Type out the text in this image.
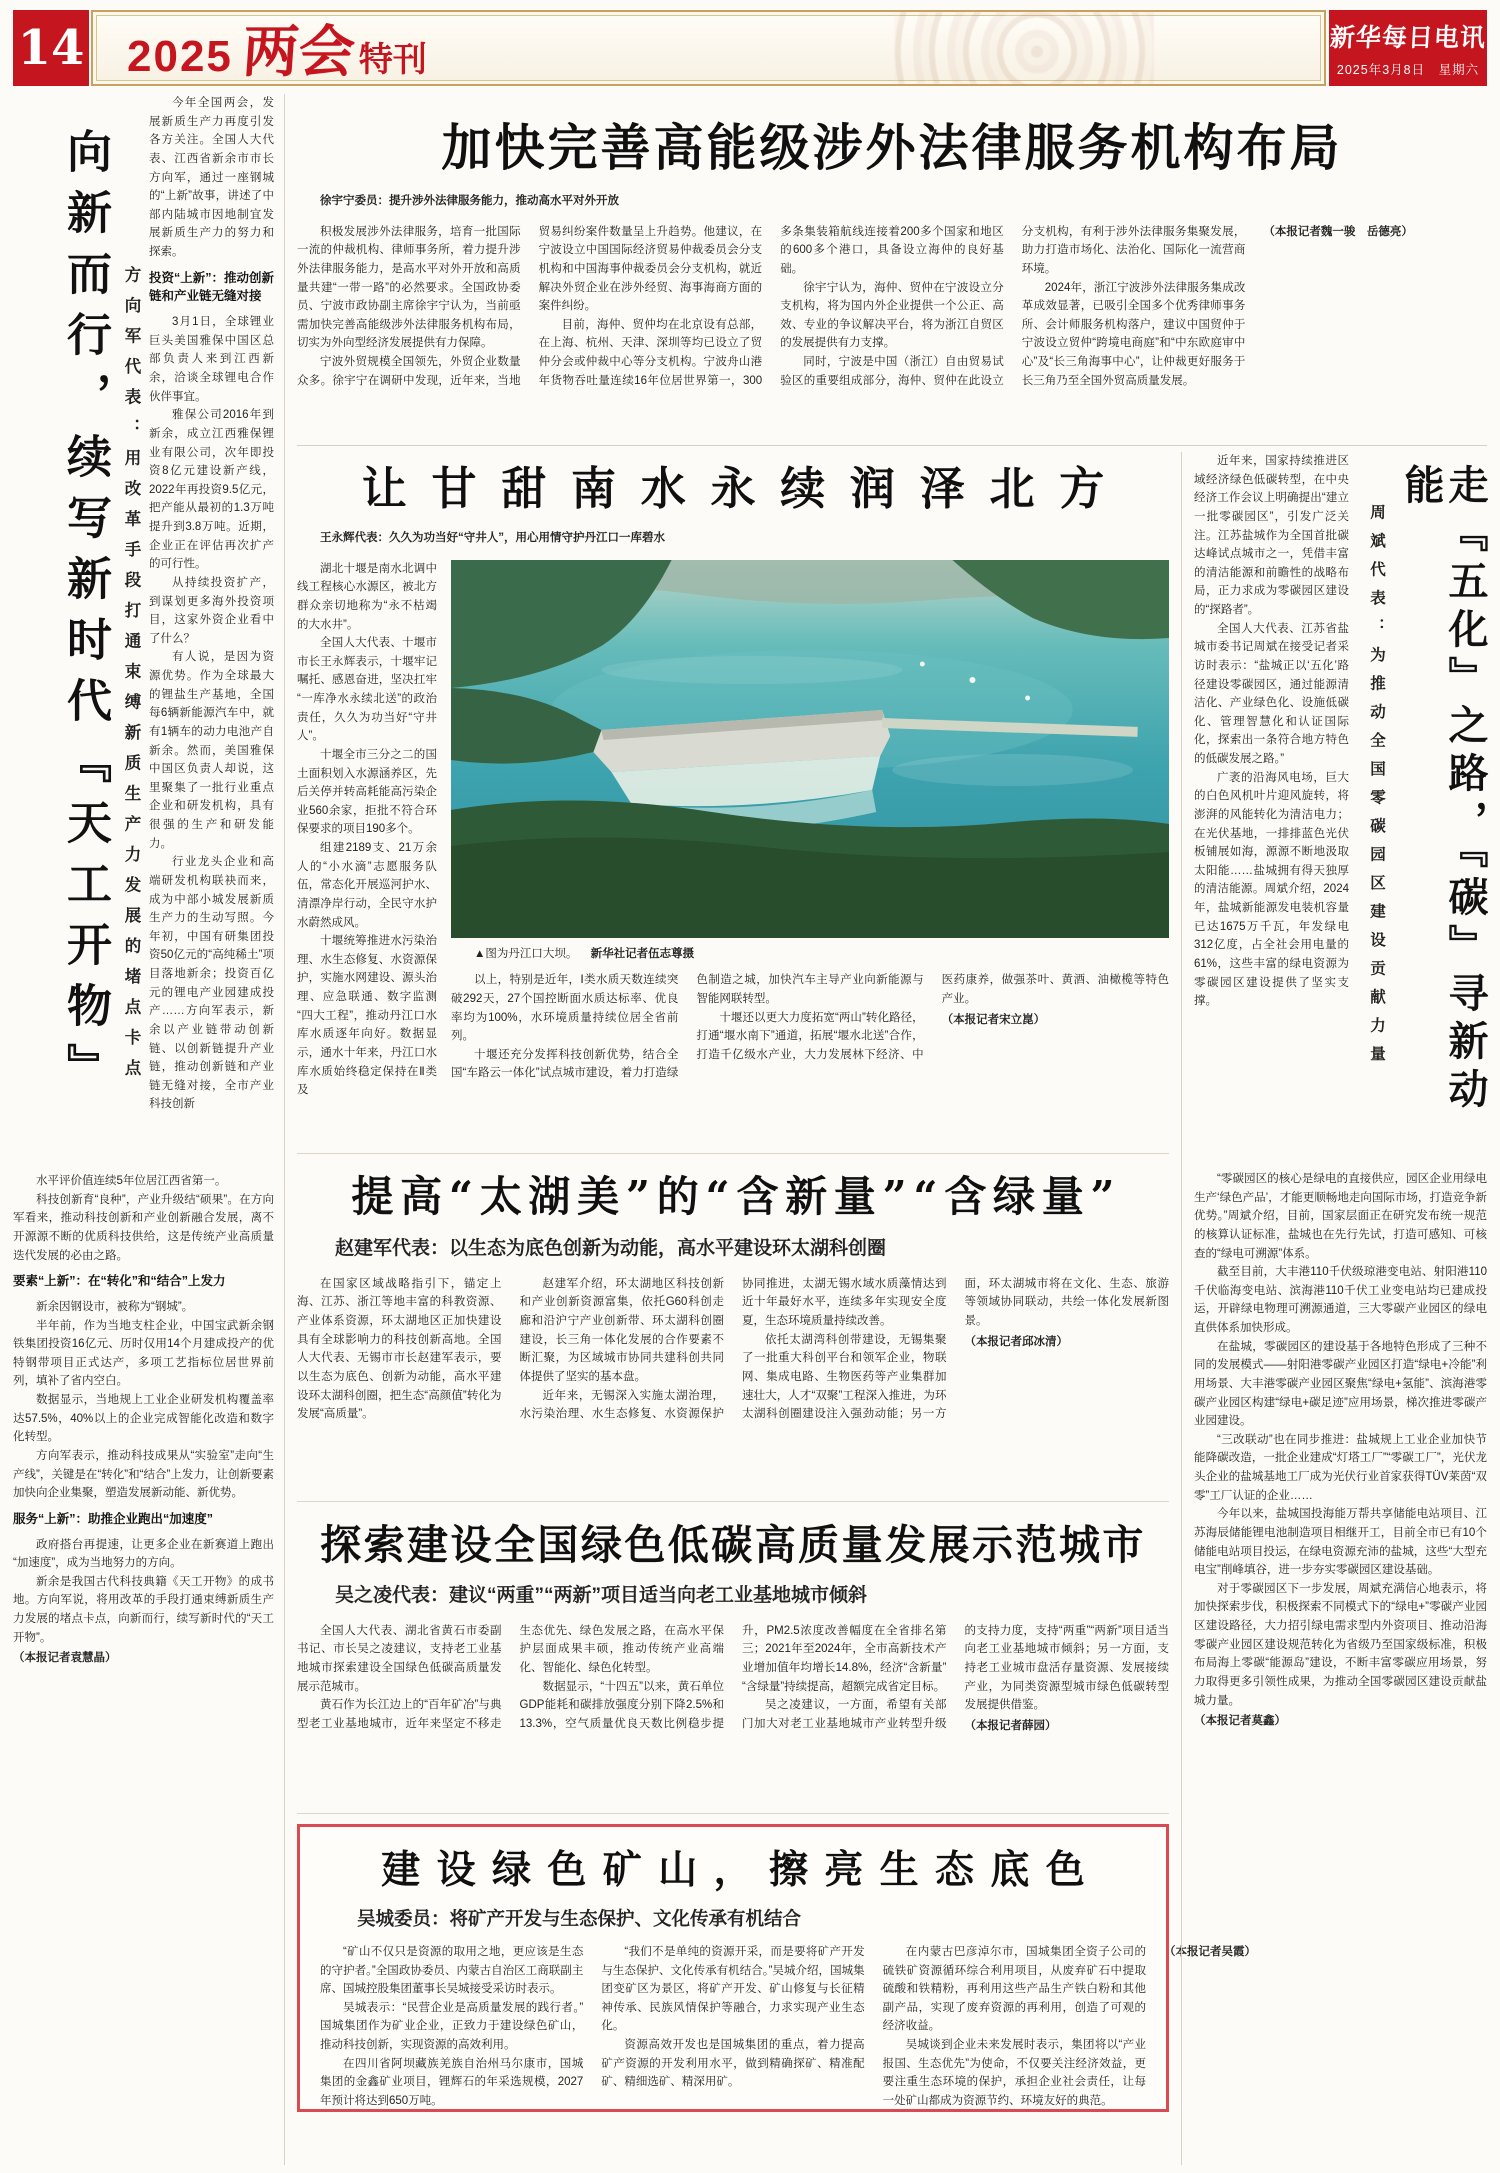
14 2025 两会 特刊
新华每日电讯
2025年3月8日　星期六
向新而行，续写新时代『天工开物』 方向军代表：用改革手段打通束缚新质生产力发展的堵点卡点

今年全国两会，发展新质生产力再度引发各方关注。全国人大代表、江西省新余市市长方向军，通过一座钢城的“上新”故事，讲述了中部内陆城市因地制宜发展新质生产力的努力和探索。

投资“上新”：推动创新链和产业链无缝对接

3月1日，全球锂业巨头美国雅保中国区总部负责人来到江西新余，洽谈全球锂电合作伙伴事宜。

雅保公司2016年到新余，成立江西雅保锂业有限公司，次年即投资8亿元建设新产线，2022年再投资9.5亿元，把产能从最初的1.3万吨提升到3.8万吨。近期，企业正在评估再次扩产的可行性。

从持续投资扩产，到谋划更多海外投资项目，这家外资企业看中了什么？

有人说，是因为资源优势。作为全球最大的锂盐生产基地，全国每6辆新能源汽车中，就有1辆车的动力电池产自新余。然而，美国雅保中国区负责人却说，这里聚集了一批行业重点企业和研发机构，具有很强的生产和研发能力。

行业龙头企业和高端研发机构联袂而来，成为中部小城发展新质生产力的生动写照。今年初，中国有研集团投资50亿元的“高纯稀土”项目落地新余；投资百亿元的锂电产业园建成投产……方向军表示，新余以产业链带动创新链、以创新链提升产业链，推动创新链和产业链无缝对接，全市产业科技创新

水平评价值连续5年位居江西省第一。

科技创新育“良种”，产业升级结“硕果”。在方向军看来，推动科技创新和产业创新融合发展，离不开源源不断的优质科技供给，这是传统产业高质量迭代发展的必由之路。

要素“上新”：在“转化”和“结合”上发力

新余因钢设市，被称为“钢城”。

半年前，作为当地支柱企业，中国宝武新余钢铁集团投资16亿元、历时仅用14个月建成投产的优特钢带项目正式达产，多项工艺指标位居世界前列，填补了省内空白。

数据显示，当地规上工业企业研发机构覆盖率达57.5%，40%以上的企业完成智能化改造和数字化转型。

方向军表示，推动科技成果从“实验室”走向“生产线”，关键是在“转化”和“结合”上发力，让创新要素加快向企业集聚，塑造发展新动能、新优势。

服务“上新”：助推企业跑出“加速度”

政府搭台再提速，让更多企业在新赛道上跑出“加速度”，成为当地努力的方向。

新余是我国古代科技典籍《天工开物》的成书地。方向军说，将用改革的手段打通束缚新质生产力发展的堵点卡点，向新而行，续写新时代的“天工开物”。

（本报记者袁慧晶）

加快完善高能级涉外法律服务机构布局

徐宇宁委员：提升涉外法律服务能力，推动高水平对外开放

积极发展涉外法律服务，培育一批国际一流的仲裁机构、律师事务所，着力提升涉外法律服务能力，是高水平对外开放和高质量共建“一带一路”的必然要求。全国政协委员、宁波市政协副主席徐宇宁认为，当前亟需加快完善高能级涉外法律服务机构布局，切实为外向型经济发展提供有力保障。

宁波外贸规模全国领先，外贸企业数量众多。徐宇宁在调研中发现，近年来，当地贸易纠纷案件数量呈上升趋势。他建议，在宁波设立中国国际经济贸易仲裁委员会分支机构和中国海事仲裁委员会分支机构，就近解决外贸企业在涉外经贸、海事海商方面的案件纠纷。

目前，海仲、贸仲均在北京设有总部，在上海、杭州、天津、深圳等均已设立了贸仲分会或仲裁中心等分支机构。宁波舟山港年货物吞吐量连续16年位居世界第一，300多条集装箱航线连接着200多个国家和地区的600多个港口，具备设立海仲的良好基础。

徐宇宁认为，海仲、贸仲在宁波设立分支机构，将为国内外企业提供一个公正、高效、专业的争议解决平台，将为浙江自贸区的发展提供有力支撑。

同时，宁波是中国（浙江）自由贸易试验区的重要组成部分，海仲、贸仲在此设立分支机构，有利于涉外法律服务集聚发展，助力打造市场化、法治化、国际化一流营商环境。

2024年，浙江宁波涉外法律服务集成改革成效显著，已吸引全国多个优秀律师事务所、会计师服务机构落户，建议中国贸仲于宁波设立贸仲“跨境电商庭”和“中东欧庭审中心”及“长三角海事中心”，让仲裁更好服务于长三角乃至全国外贸高质量发展。

（本报记者魏一骏　岳德亮）

让甘甜南水永续润泽北方

王永辉代表：久久为功当好“守井人”，用心用情守护丹江口一库碧水

湖北十堰是南水北调中线工程核心水源区，被北方群众亲切地称为“永不枯竭的大水井”。

全国人大代表、十堰市市长王永辉表示，十堰牢记嘱托、感恩奋进，坚决扛牢“一库净水永续北送”的政治责任，久久为功当好“守井人”。

十堰全市三分之二的国土面积划入水源涵养区，先后关停并转高耗能高污染企业560余家，拒批不符合环保要求的项目190多个。

组建2189支、21万余人的“小水滴”志愿服务队伍，常态化开展巡河护水、清漂净岸行动，全民守水护水蔚然成风。

十堰统筹推进水污染治理、水生态修复、水资源保护，实施水网建设、源头治理、应急联通、数字监测“四大工程”，推动丹江口水库水质逐年向好。数据显示，通水十年来，丹江口水库水质始终稳定保持在Ⅱ类及

▲图为丹江口大坝。 新华社记者伍志尊摄

以上，特别是近年，Ⅰ类水质天数连续突破292天，27个国控断面水质达标率、优良率均为100%，水环境质量持续位居全省前列。

十堰还充分发挥科技创新优势，结合全国“车路云一体化”试点城市建设，着力打造绿色制造之城，加快汽车主导产业向新能源与智能网联转型。

十堰还以更大力度拓宽“两山”转化路径，打通“堰水南下”通道，拓展“堰水北送”合作，打造千亿级水产业，大力发展林下经济、中医药康养，做强茶叶、黄酒、油橄榄等特色产业。

（本报记者宋立崑）

提高“太湖美”的“含新量”“含绿量”

赵建军代表：以生态为底色创新为动能，高水平建设环太湖科创圈

在国家区域战略指引下，锚定上海、江苏、浙江等地丰富的科教资源、产业体系资源，环太湖地区正加快建设具有全球影响力的科技创新高地。全国人大代表、无锡市市长赵建军表示，要以生态为底色、创新为动能，高水平建设环太湖科创圈，把生态“高颜值”转化为发展“高质量”。

赵建军介绍，环太湖地区科技创新和产业创新资源富集，依托G60科创走廊和沿沪宁产业创新带、环太湖科创圈建设，长三角一体化发展的合作要素不断汇聚，为区域城市协同共建科创共同体提供了坚实的基本盘。

近年来，无锡深入实施太湖治理，水污染治理、水生态修复、水资源保护协同推进，太湖无锡水域水质藻情达到近十年最好水平，连续多年实现安全度夏，生态环境质量持续改善。

依托太湖湾科创带建设，无锡集聚了一批重大科创平台和领军企业，物联网、集成电路、生物医药等产业集群加速壮大，人才“双聚”工程深入推进，为环太湖科创圈建设注入强劲动能；另一方面，环太湖城市将在文化、生态、旅游等领域协同联动，共绘一体化发展新图景。

（本报记者邱冰清）

探索建设全国绿色低碳高质量发展示范城市

吴之凌代表：建议“两重”“两新”项目适当向老工业基地城市倾斜

全国人大代表、湖北省黄石市委副书记、市长吴之凌建议，支持老工业基地城市探索建设全国绿色低碳高质量发展示范城市。

黄石作为长江边上的“百年矿冶”与典型老工业基地城市，近年来坚定不移走生态优先、绿色发展之路，在高水平保护层面成果丰硕，推动传统产业高端化、智能化、绿色化转型。

数据显示，“十四五”以来，黄石单位GDP能耗和碳排放强度分别下降2.5%和13.3%，空气质量优良天数比例稳步提升，PM2.5浓度改善幅度在全省排名第三；2021年至2024年，全市高新技术产业增加值年均增长14.8%，经济“含新量”“含绿量”持续提高，超额完成省定目标。

吴之凌建议，一方面，希望有关部门加大对老工业基地城市产业转型升级的支持力度，支持“两重”“两新”项目适当向老工业基地城市倾斜；另一方面，支持老工业城市盘活存量资源、发展接续产业，为同类资源型城市绿色低碳转型发展提供借鉴。

（本报记者薛园）

建设绿色矿山，擦亮生态底色

吴城委员：将矿产开发与生态保护、文化传承有机结合

“矿山不仅只是资源的取用之地，更应该是生态的守护者。”全国政协委员、内蒙古自治区工商联副主席、国城控股集团董事长吴城接受采访时表示。

吴城表示：“民营企业是高质量发展的践行者。”国城集团作为矿业企业，正致力于建设绿色矿山，推动科技创新，实现资源的高效利用。

在四川省阿坝藏族羌族自治州马尔康市，国城集团的金鑫矿业项目，锂辉石的年采选规模，2027年预计将达到650万吨。

“我们不是单纯的资源开采，而是要将矿产开发与生态保护、文化传承有机结合。”吴城介绍，国城集团变矿区为景区，将矿产开发、矿山修复与长征精神传承、民族风情保护等融合，力求实现产业生态化。

资源高效开发也是国城集团的重点，着力提高矿产资源的开发利用水平，做到精确探矿、精准配矿、精细选矿、精深用矿。

在内蒙古巴彦淖尔市，国城集团全资子公司的硫铁矿资源循环综合利用项目，从废弃矿石中提取硫酸和铁精粉，再利用这些产品生产铁白粉和其他副产品，实现了废弃资源的再利用，创造了可观的经济收益。

吴城谈到企业未来发展时表示，集团将以“产业报国、生态优先”为使命，不仅要关注经济效益，更要注重生态环境的保护，承担企业社会责任，让每一处矿山都成为资源节约、环境友好的典范。

（本报记者吴霞）

近年来，国家持续推进区域经济绿色低碳转型，在中央经济工作会议上明确提出“建立一批零碳园区”，引发广泛关注。江苏盐城作为全国首批碳达峰试点城市之一，凭借丰富的清洁能源和前瞻性的战略布局，正力求成为零碳园区建设的“探路者”。

全国人大代表、江苏省盐城市委书记周斌在接受记者采访时表示：“盐城正以‘五化’路径建设零碳园区，通过能源清洁化、产业绿色化、设施低碳化、管理智慧化和认证国际化，探索出一条符合地方特色的低碳发展之路。”

广袤的沿海风电场，巨大的白色风机叶片迎风旋转，将澎湃的风能转化为清洁电力；在光伏基地，一排排蓝色光伏板铺展如海，源源不断地汲取太阳能……盐城拥有得天独厚的清洁能源。周斌介绍，2024年，盐城新能源发电装机容量已达1675万千瓦，年发绿电312亿度，占全社会用电量的61%，这些丰富的绿电资源为零碳园区建设提供了坚实支撑。	周斌代表：为推动全国零碳园区建设贡献力量	走『五化』之路，『碳』寻新动能

“零碳园区的核心是绿电的直接供应，园区企业用绿电生产‘绿色产品’，才能更顺畅地走向国际市场，打造竞争新优势。”周斌介绍，目前，国家层面正在研究发布统一规范的核算认证标准，盐城也在先行先试，打造可感知、可核查的“绿电可溯源”体系。

截至目前，大丰港110千伏级琼港变电站、射阳港110千伏临海变电站、滨海港110千伏工业变电站均已建成投运，开辟绿电物理可溯源通道，三大零碳产业园区的绿电直供体系加快形成。

在盐城，零碳园区的建设基于各地特色形成了三种不同的发展模式——射阳港零碳产业园区打造“绿电+冷能”利用场景、大丰港零碳产业园区聚焦“绿电+氢能”、滨海港零碳产业园区构建“绿电+碳足迹”应用场景，梯次推进零碳产业园建设。

“三改联动”也在同步推进：盐城规上工业企业加快节能降碳改造，一批企业建成“灯塔工厂”“零碳工厂”，光伏龙头企业的盐城基地工厂成为光伏行业首家获得TÜV莱茵“双零”工厂认证的企业……

今年以来，盐城国投海能万帮共享储能电站项目、江苏海辰储能锂电池制造项目相继开工，目前全市已有10个储能电站项目投运，在绿电资源充沛的盐城，这些“大型充电宝”削峰填谷，进一步夯实零碳园区建设基础。

对于零碳园区下一步发展，周斌充满信心地表示，将加快探索步伐，积极探索不同模式下的“绿电+”零碳产业园区建设路径，大力招引绿电需求型内外资项目、推动沿海零碳产业园区建设规范转化为省级乃至国家级标准，积极布局海上零碳“能源岛”建设，不断丰富零碳应用场景，努力取得更多引领性成果，为推动全国零碳园区建设贡献盐城力量。

（本报记者莫鑫）
